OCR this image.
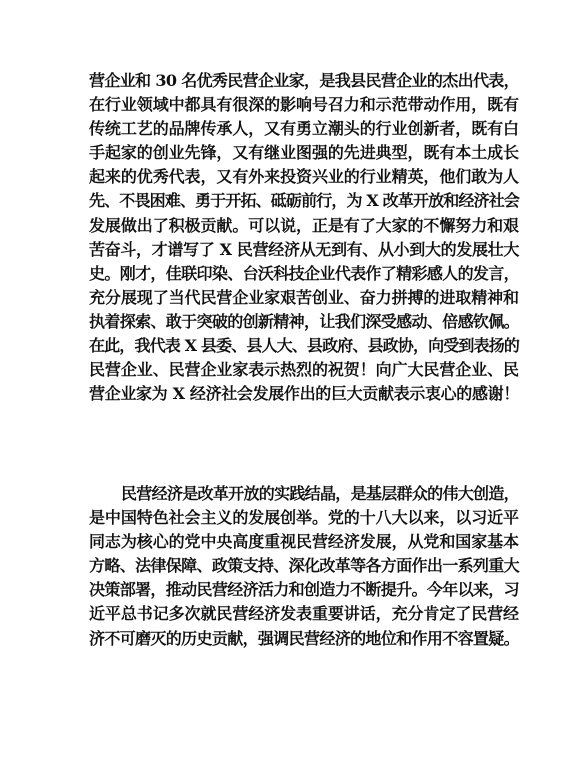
营企业和 30 名优秀民营企业家，是我县民营企业的杰出代表，
在行业领域中都具有很深的影响号召力和示范带动作用，既有
传统工艺的品牌传承人，又有勇立潮头的行业创新者，既有白
手起家的创业先锋，又有继业图强的先进典型，既有本土成长
起来的优秀代表，又有外来投资兴业的行业精英，他们敢为人
先、不畏困难、勇于开拓、砥砺前行，为 X 改革开放和经济社会
发展做出了积极贡献。可以说，正是有了大家的不懈努力和艰
苦奋斗，才谱写了 X 民营经济从无到有、从小到大的发展壮大
史。刚才，佳联印染、台沃科技企业代表作了精彩感人的发言，
充分展现了当代民营企业家艰苦创业、奋力拼搏的进取精神和
执着探索、敢于突破的创新精神，让我们深受感动、倍感钦佩。
在此，我代表 X 县委、县人大、县政府、县政协，向受到表扬的
民营企业、民营企业家表示热烈的祝贺！向广大民营企业、民
营企业家为 X 经济社会发展作出的巨大贡献表示衷心的感谢！
民营经济是改革开放的实践结晶，是基层群众的伟大创造，
是中国特色社会主义的发展创举。党的十八大以来，以习近平
同志为核心的党中央高度重视民营经济发展，从党和国家基本
方略、法律保障、政策支持、深化改革等各方面作出一系列重大
决策部署，推动民营经济活力和创造力不断提升。今年以来，习
近平总书记多次就民营经济发表重要讲话，充分肯定了民营经
济不可磨灭的历史贡献，强调民营经济的地位和作用不容置疑。
